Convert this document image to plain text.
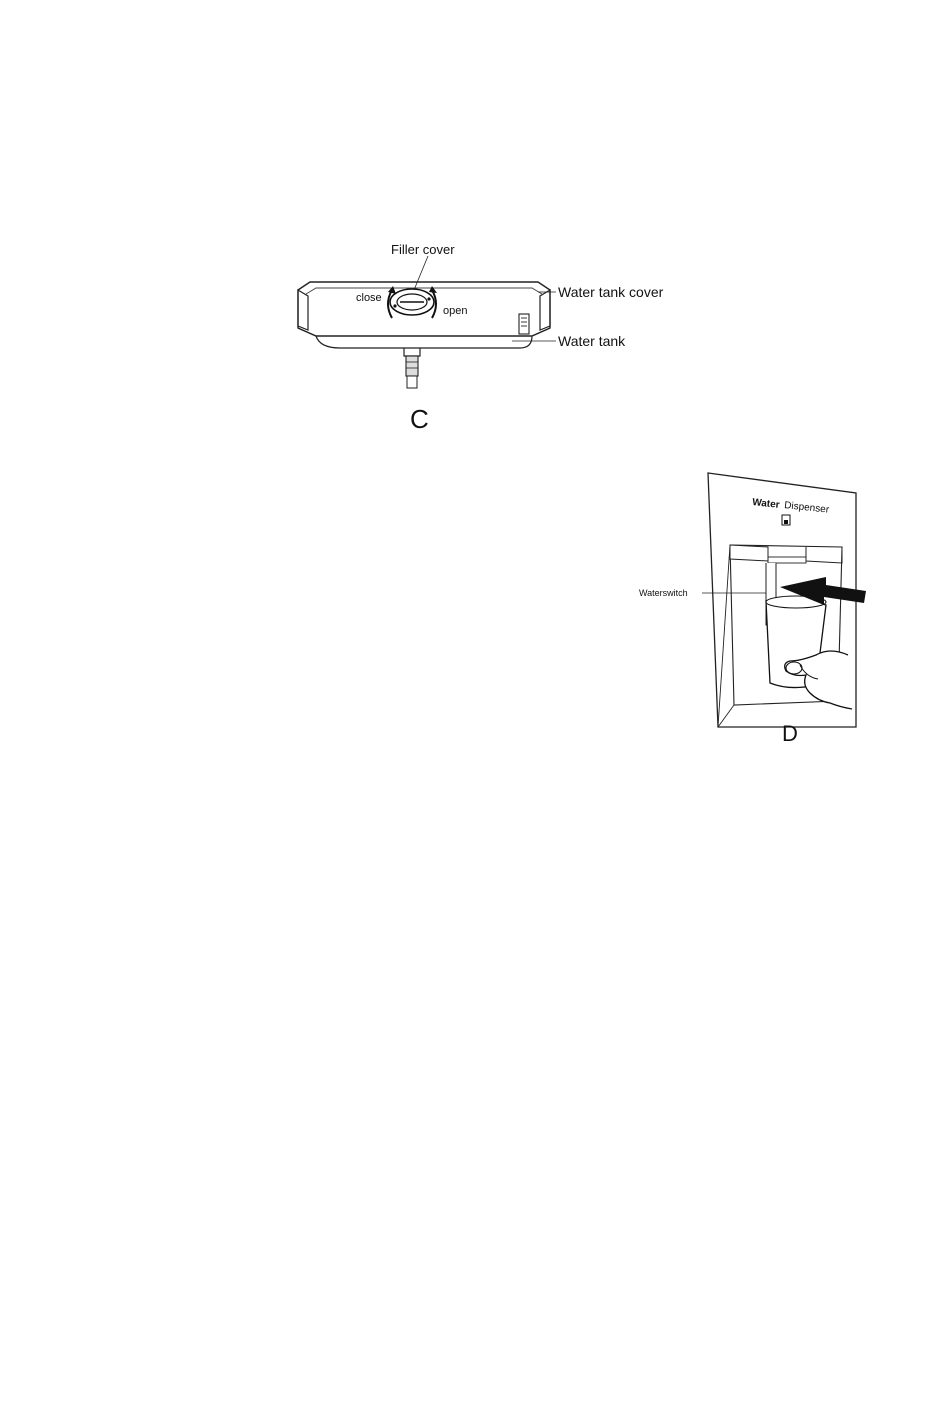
Filler cover
close
open
Water tank cover
Water tank
C
Water Dispenser
Waterswitch
D
